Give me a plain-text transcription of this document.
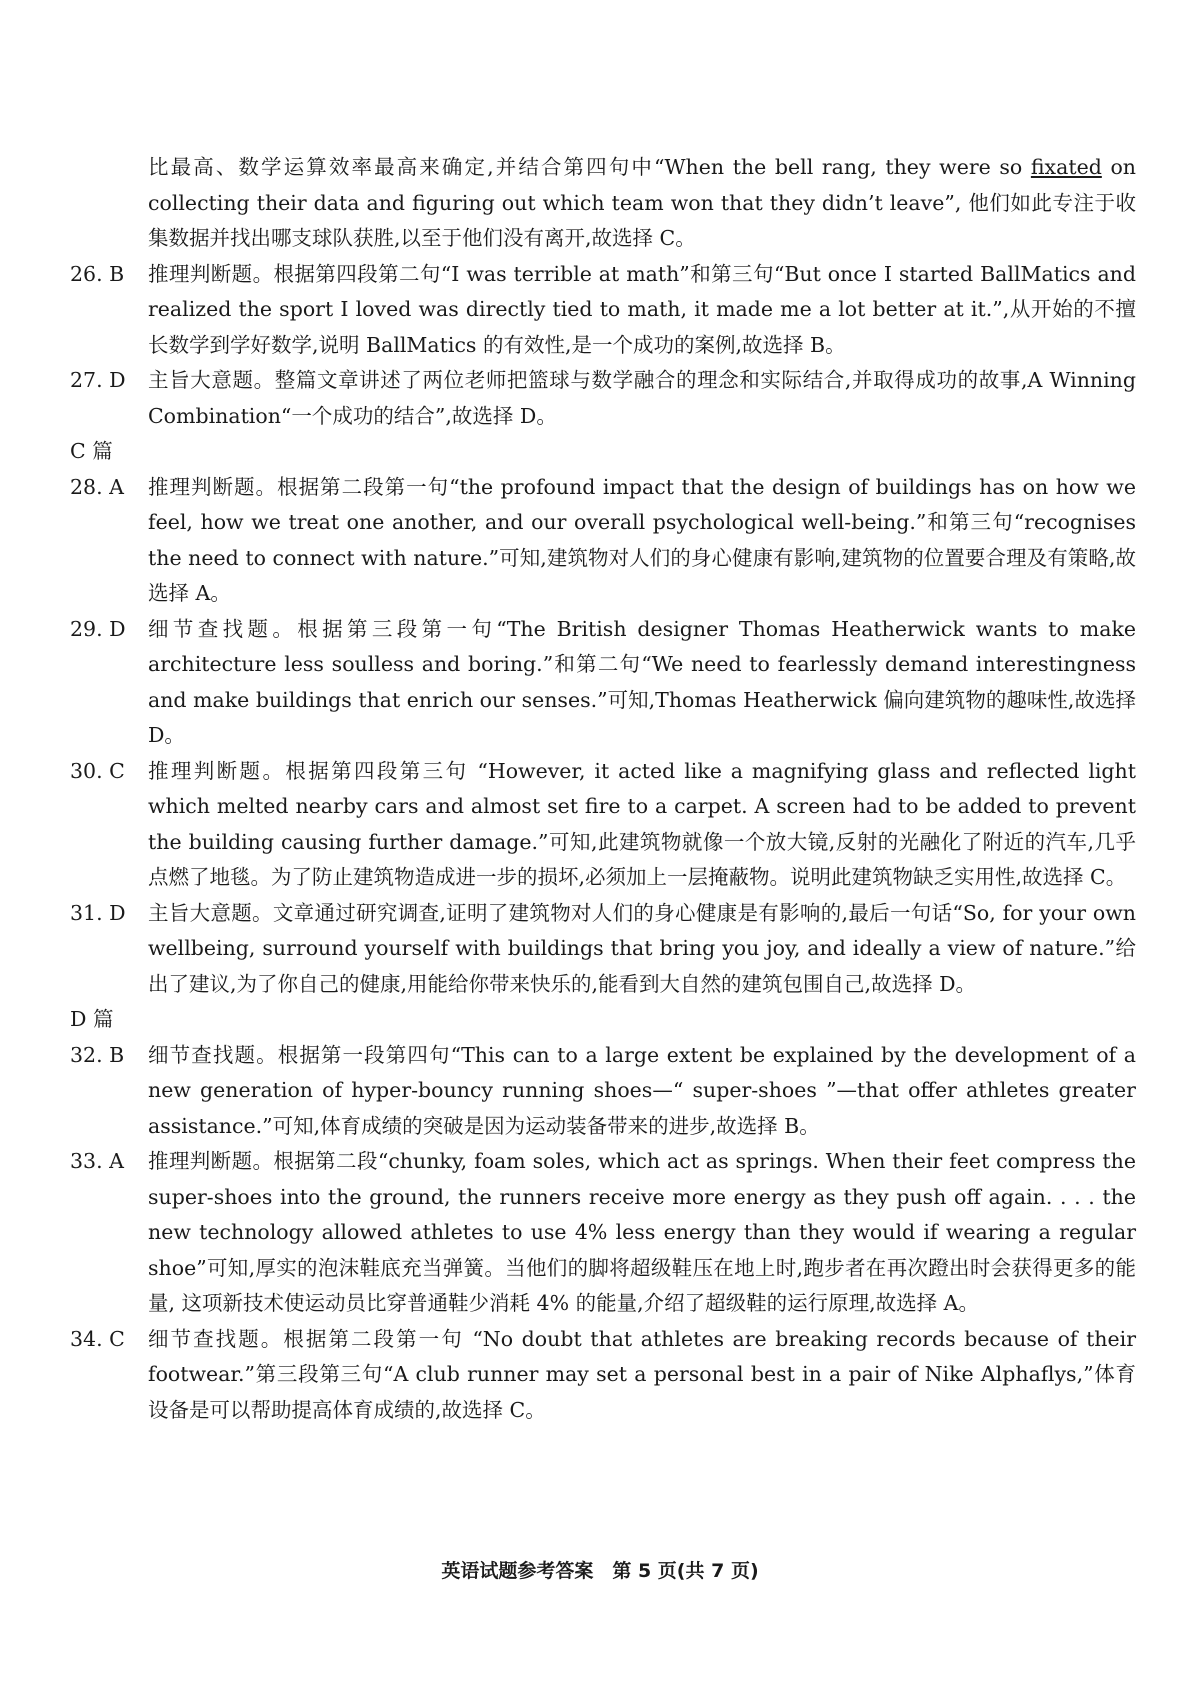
比最高、数学运算效率最高来确定,并结合第四句中“When the bell rang, they were so fixated on collecting their data and figuring out which team won that they didn’t leave”, 他们如此专注于收集数据并找出哪支球队获胜,以至于他们没有离开,故选择 C。

26. B	推理判断题。根据第四段第二句“I was terrible at math”和第三句“But once I started BallMatics and realized the sport I loved was directly tied to math, it made me a lot better at it.”,从开始的不擅长数学到学好数学,说明 BallMatics 的有效性,是一个成功的案例,故选择 B。
27. D	主旨大意题。整篇文章讲述了两位老师把篮球与数学融合的理念和实际结合,并取得成功的故事,A Winning Combination“一个成功的结合”,故选择 D。
C 篇
28. A	推理判断题。根据第二段第一句“the profound impact that the design of buildings has on how we feel, how we treat one another, and our overall psychological well-being.”和第三句“recognises the need to connect with nature.”可知,建筑物对人们的身心健康有影响,建筑物的位置要合理及有策略,故选择 A。
29. D	细节查找题。根据第三段第一句“The British designer Thomas Heatherwick wants to make architecture less soulless and boring.”和第二句“We need to fearlessly demand interestingness and make buildings that enrich our senses.”可知,Thomas Heatherwick 偏向建筑物的趣味性,故选择 D。
30. C	推理判断题。根据第四段第三句 “However, it acted like a magnifying glass and reflected light which melted nearby cars and almost set fire to a carpet. A screen had to be added to prevent the building causing further damage.”可知,此建筑物就像一个放大镜,反射的光融化了附近的汽车,几乎点燃了地毯。为了防止建筑物造成进一步的损坏,必须加上一层掩蔽物。说明此建筑物缺乏实用性,故选择 C。
31. D	主旨大意题。文章通过研究调查,证明了建筑物对人们的身心健康是有影响的,最后一句话“So, for your own wellbeing, surround yourself with buildings that bring you joy, and ideally a view of nature.”给出了建议,为了你自己的健康,用能给你带来快乐的,能看到大自然的建筑包围自己,故选择 D。
D 篇
32. B	细节查找题。根据第一段第四句“This can to a large extent be explained by the development of a new generation of hyper-bouncy running shoes—“ super-shoes ”—that offer athletes greater assistance.”可知,体育成绩的突破是因为运动装备带来的进步,故选择 B。
33. A	推理判断题。根据第二段“chunky, foam soles, which act as springs. When their feet compress the super-shoes into the ground, the runners receive more energy as they push off again. . . . the new technology allowed athletes to use 4% less energy than they would if wearing a regular shoe”可知,厚实的泡沫鞋底充当弹簧。当他们的脚将超级鞋压在地上时,跑步者在再次蹬出时会获得更多的能量, 这项新技术使运动员比穿普通鞋少消耗 4% 的能量,介绍了超级鞋的运行原理,故选择 A。
34. C	细节查找题。根据第二段第一句 “No doubt that athletes are breaking records because of their footwear.”第三段第三句“A club runner may set a personal best in a pair of Nike Alphaflys,”体育设备是可以帮助提高体育成绩的,故选择 C。
英语试题参考答案　第 5 页(共 7 页)
